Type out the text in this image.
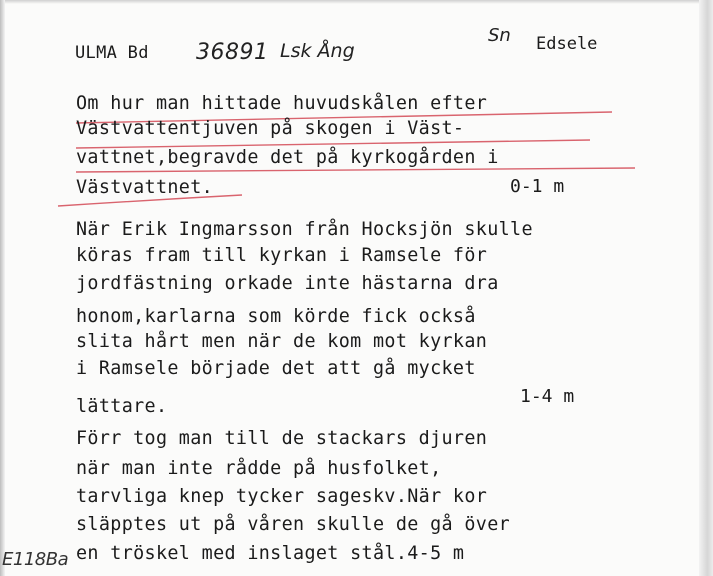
ULMA Bd 36891 Lsk Ång
Sn Edsele
Om hur man hittade huvudskålen efter
Västvattentjuven på skogen i Väst-
vattnet,begravde det på kyrkogården i
Västvattnet.	0-1 m
När Erik Ingmarsson från Hocksjön skulle
köras fram till kyrkan i Ramsele för
jordfästning orkade inte hästarna dra
honom,karlarna som körde fick också
slita hårt men när de kom mot kyrkan
i Ramsele började det att gå mycket
lättare.	1-4 m
Förr tog man till de stackars djuren
när man inte rådde på husfolket,
tarvliga knep tycker sageskv.När kor
släpptes ut på våren skulle de gå över
en tröskel med inslaget stål.4-5 m
E118Ba
